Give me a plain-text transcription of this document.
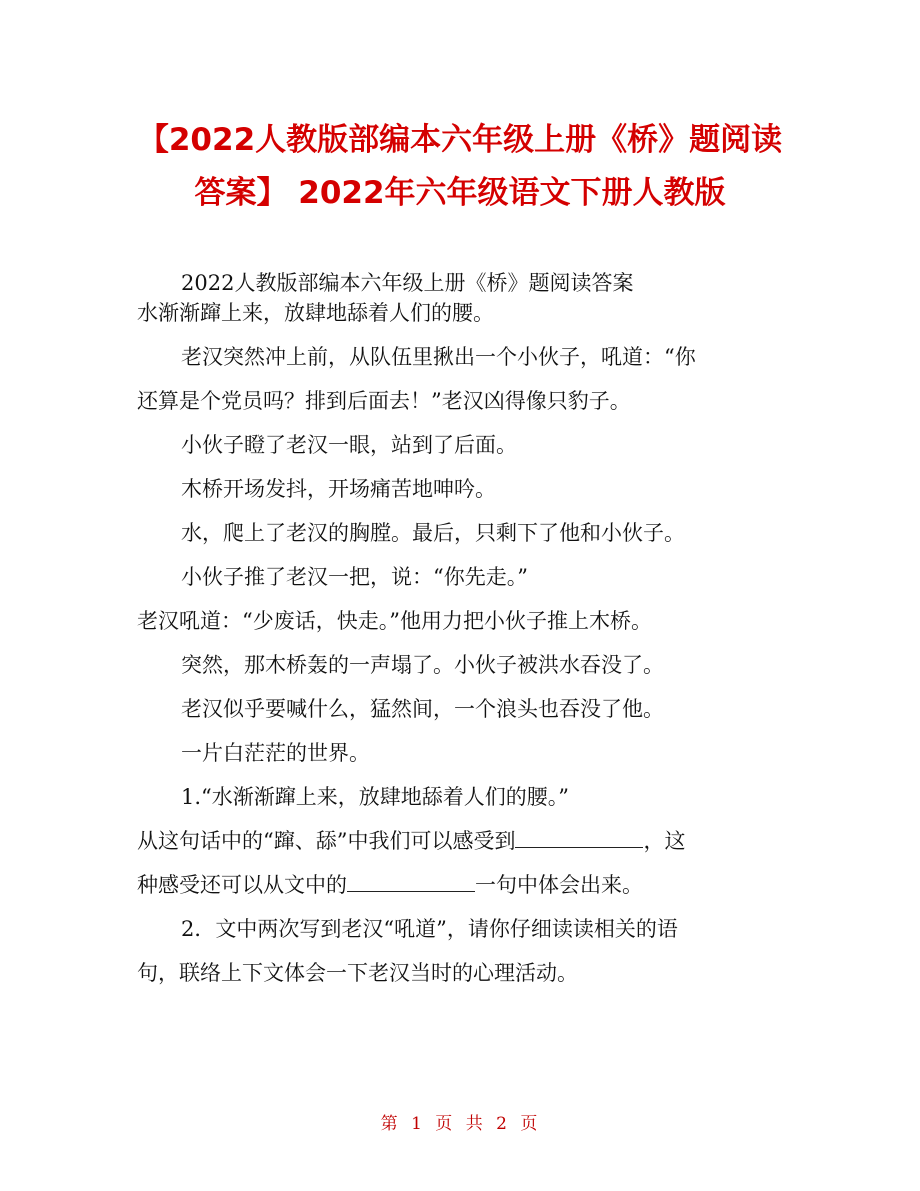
【2022人教版部编本六年级上册《桥》题阅读
答案】 2022年六年级语文下册人教版

2022人教版部编本六年级上册《桥》题阅读答案

水渐渐蹿上来，放肆地舔着人们的腰。

老汉突然冲上前，从队伍里揪出一个小伙子，吼道：“你

还算是个党员吗？排到后面去！”老汉凶得像只豹子。

小伙子瞪了老汉一眼，站到了后面。

木桥开场发抖，开场痛苦地呻吟。

水，爬上了老汉的胸膛。最后，只剩下了他和小伙子。

小伙子推了老汉一把，说：“你先走。”

老汉吼道：“少废话，快走。”他用力把小伙子推上木桥。

突然，那木桥轰的一声塌了。小伙子被洪水吞没了。

老汉似乎要喊什么，猛然间，一个浪头也吞没了他。

一片白茫茫的世界。

1.“水渐渐蹿上来，放肆地舔着人们的腰。”

从这句话中的“蹿、舔”中我们可以感受到	，这

种感受还可以从文中的	一句中体会出来。

2．文中两次写到老汉“吼道”，请你仔细读读相关的语

句，联络上下文体会一下老汉当时的心理活动。

第 1 页 共 2 页
